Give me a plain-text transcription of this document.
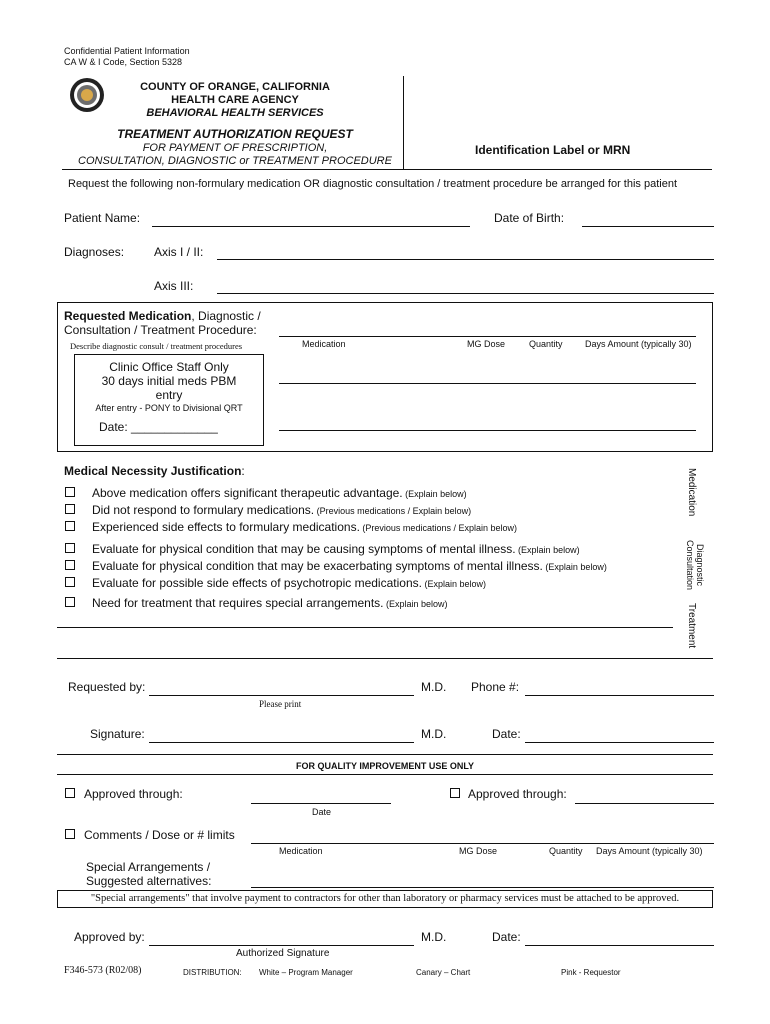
Confidential Patient Information
CA W & I Code, Section 5328
COUNTY OF ORANGE, CALIFORNIA
HEALTH CARE AGENCY
BEHAVIORAL HEALTH SERVICES
TREATMENT AUTHORIZATION REQUEST
FOR PAYMENT OF PRESCRIPTION,
CONSULTATION, DIAGNOSTIC or TREATMENT PROCEDURE
Identification Label or MRN
Request the following non-formulary medication OR diagnostic consultation / treatment procedure be arranged for this patient
Patient Name:	Date of Birth:
Diagnoses: Axis I / II:
Axis III:
Requested Medication, Diagnostic /
Consultation / Treatment Procedure:
Describe diagnostic consult / treatment procedures	Medication	MG Dose	Quantity Days Amount (typically 30)
Clinic Office Staff Only
30 days initial meds PBM
entry
After entry - PONY to Divisional QRT
Date: _____________
Medical Necessity Justification:
Above medication offers significant therapeutic advantage. (Explain below)
Did not respond to formulary medications. (Previous medications / Explain below)
Experienced side effects to formulary medications. (Previous medications / Explain below)
Evaluate for physical condition that may be causing symptoms of mental illness. (Explain below)
Evaluate for physical condition that may be exacerbating symptoms of mental illness. (Explain below)
Evaluate for possible side effects of psychotropic medications. (Explain below)
Need for treatment that requires special arrangements. (Explain below)
Medication
Diagnostic
Consultation
Treatment
Requested by:	M.D. Phone #:
Please print
Signature:	M.D.	Date:
FOR QUALITY IMPROVEMENT USE ONLY
Approved through:
Date
Approved through:
Comments / Dose or # limits
Medication	MG Dose	Quantity Days Amount (typically 30)
Special Arrangements /
Suggested alternatives:
"Special arrangements" that involve payment to contractors for other than laboratory or pharmacy services must be attached to be approved.
Approved by:	M.D.	Date:
Authorized Signature
F346-573 (R02/08)	DISTRIBUTION: White – Program Manager	Canary – Chart	Pink - Requestor
